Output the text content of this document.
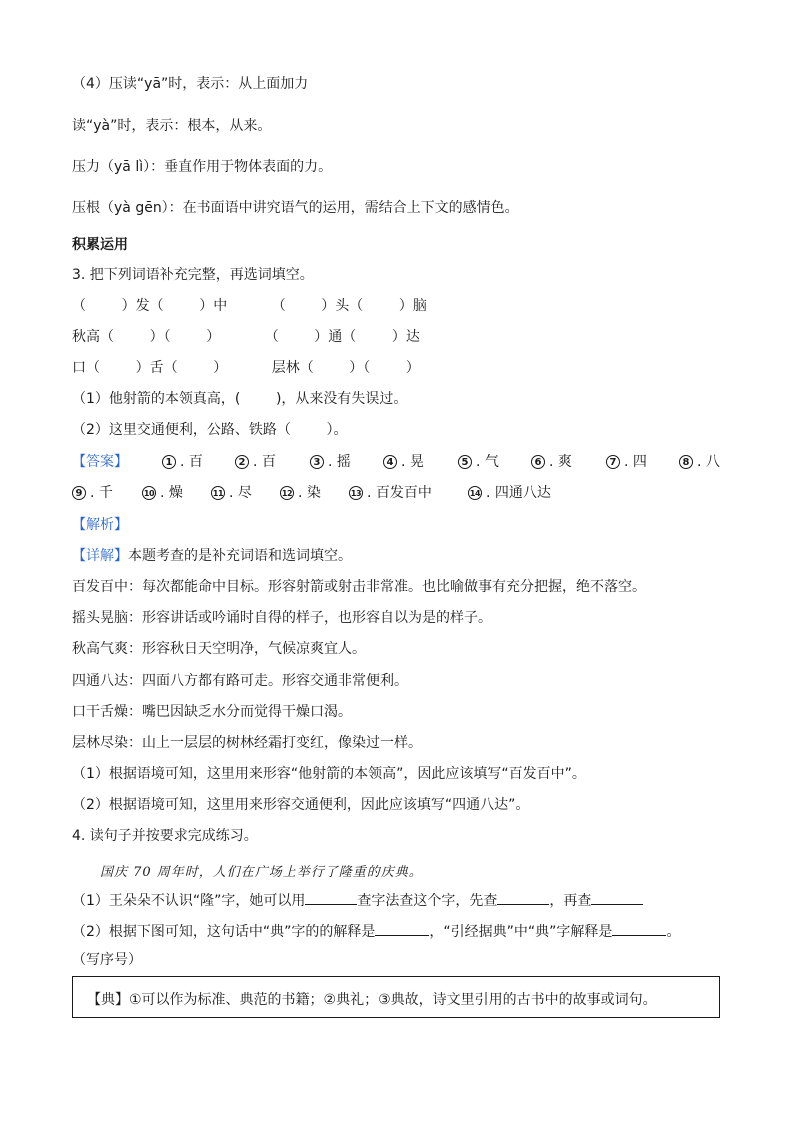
（4）压读“yā”时，表示：从上面加力
读“yà”时，表示：根本，从来。
压力（yā lì）：垂直作用于物体表面的力。
压根（yà gēn）：在书面语中讲究语气的运用，需结合上下文的感情色。
积累运用
3. 把下列词语补充完整，再选词填空。
（        ）发（        ）中          （        ）头（        ）脑
秋高（        ）（        ）          （        ）通（        ）达
口（        ）舌（        ）          层林（        ）（        ）
（1）他射箭的本领真高，(        )，从来没有失误过。
（2）这里交通便利，公路、铁路（        ）。
【答案】	1 . 百	2 . 百	3 . 摇	4 . 晃	5 . 气	6 . 爽	7 . 四	8 . 八
9 . 千	10 . 燥	11 . 尽	12 . 染	13 . 百发百中	14 . 四通八达
【解析】
【详解】本题考查的是补充词语和选词填空。
百发百中：每次都能命中目标。形容射箭或射击非常准。也比喻做事有充分把握，绝不落空。
摇头晃脑：形容讲话或吟诵时自得的样子，也形容自以为是的样子。
秋高气爽：形容秋日天空明净，气候凉爽宜人。
四通八达：四面八方都有路可走。形容交通非常便利。
口干舌燥：嘴巴因缺乏水分而觉得干燥口渴。
层林尽染：山上一层层的树林经霜打变红，像染过一样。
（1）根据语境可知，这里用来形容“他射箭的本领高”，因此应该填写“百发百中”。
（2）根据语境可知，这里用来形容交通便利，因此应该填写“四通八达”。
4. 读句子并按要求完成练习。
国庆 70 周年时，人们在广场上举行了隆重的庆典。
（1）王朵朵不认识“隆”字，她可以用	查字法查这个字，先查	，再查
（2）根据下图可知，这句话中“典”字的的解释是	，“引经据典”中“典”字解释是	。
（写序号）
【典】①可以作为标准、典范的书籍；②典礼；③典故，诗文里引用的古书中的故事或词句。
